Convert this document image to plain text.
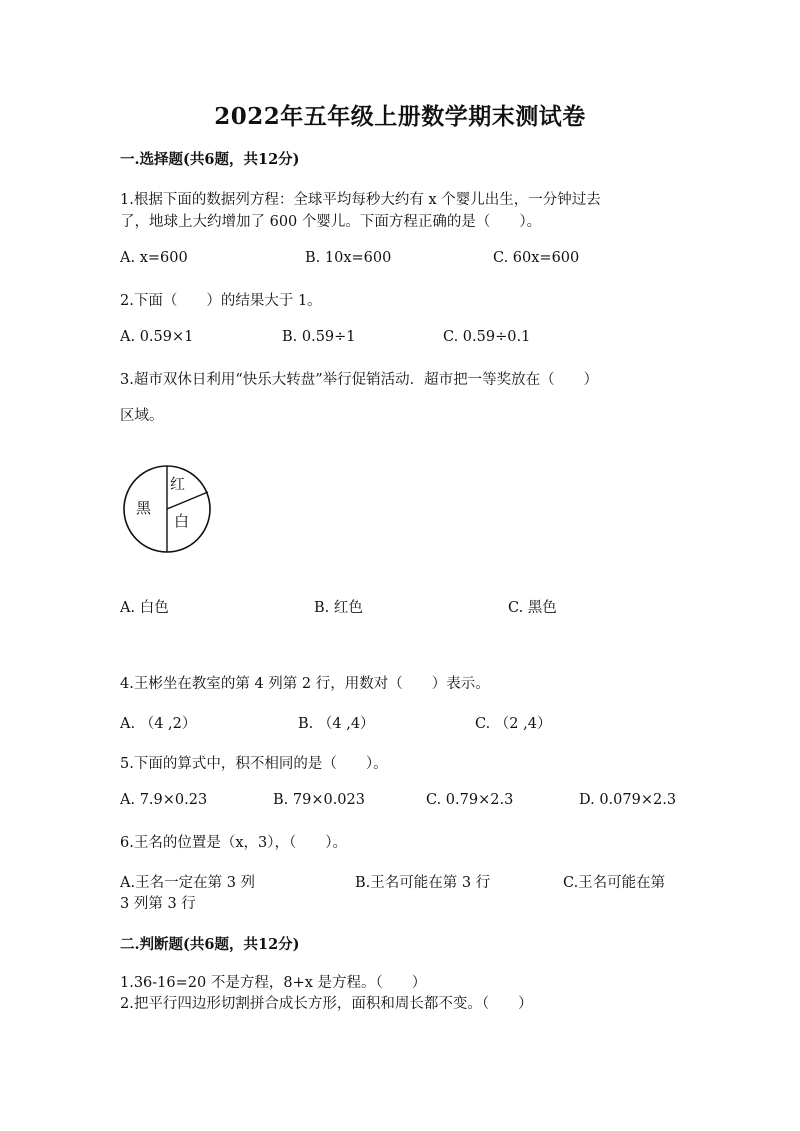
2022年五年级上册数学期末测试卷
一.选择题(共6题，共12分)
1.根据下面的数据列方程：全球平均每秒大约有 x 个婴儿出生，一分钟过去
了，地球上大约增加了 600 个婴儿。下面方程正确的是（　　）。
A. x=600	B. 10x=600	C. 60x=600
2.下面（　　）的结果大于 1。
A. 0.59×1	B. 0.59÷1	C. 0.59÷0.1
3.超市双休日利用“快乐大转盘”举行促销活动．超市把一等奖放在（　　）
区域。
黑
红
白
A. 白色	B. 红色	C. 黑色
4.王彬坐在教室的第 4 列第 2 行，用数对（　　）表示。
A. （4 ,2）	B. （4 ,4）	C. （2 ,4）
5.下面的算式中，积不相同的是（　　）。
A. 7.9×0.23	B. 79×0.023	C. 0.79×2.3	D. 0.079×2.3
6.王名的位置是（x，3），（　　）。
A.王名一定在第 3 列	B.王名可能在第 3 行	C.王名可能在第
3 列第 3 行
二.判断题(共6题，共12分)
1.36-16=20 不是方程，8+x 是方程。（　　）
2.把平行四边形切割拼合成长方形，面积和周长都不变。（　　）
